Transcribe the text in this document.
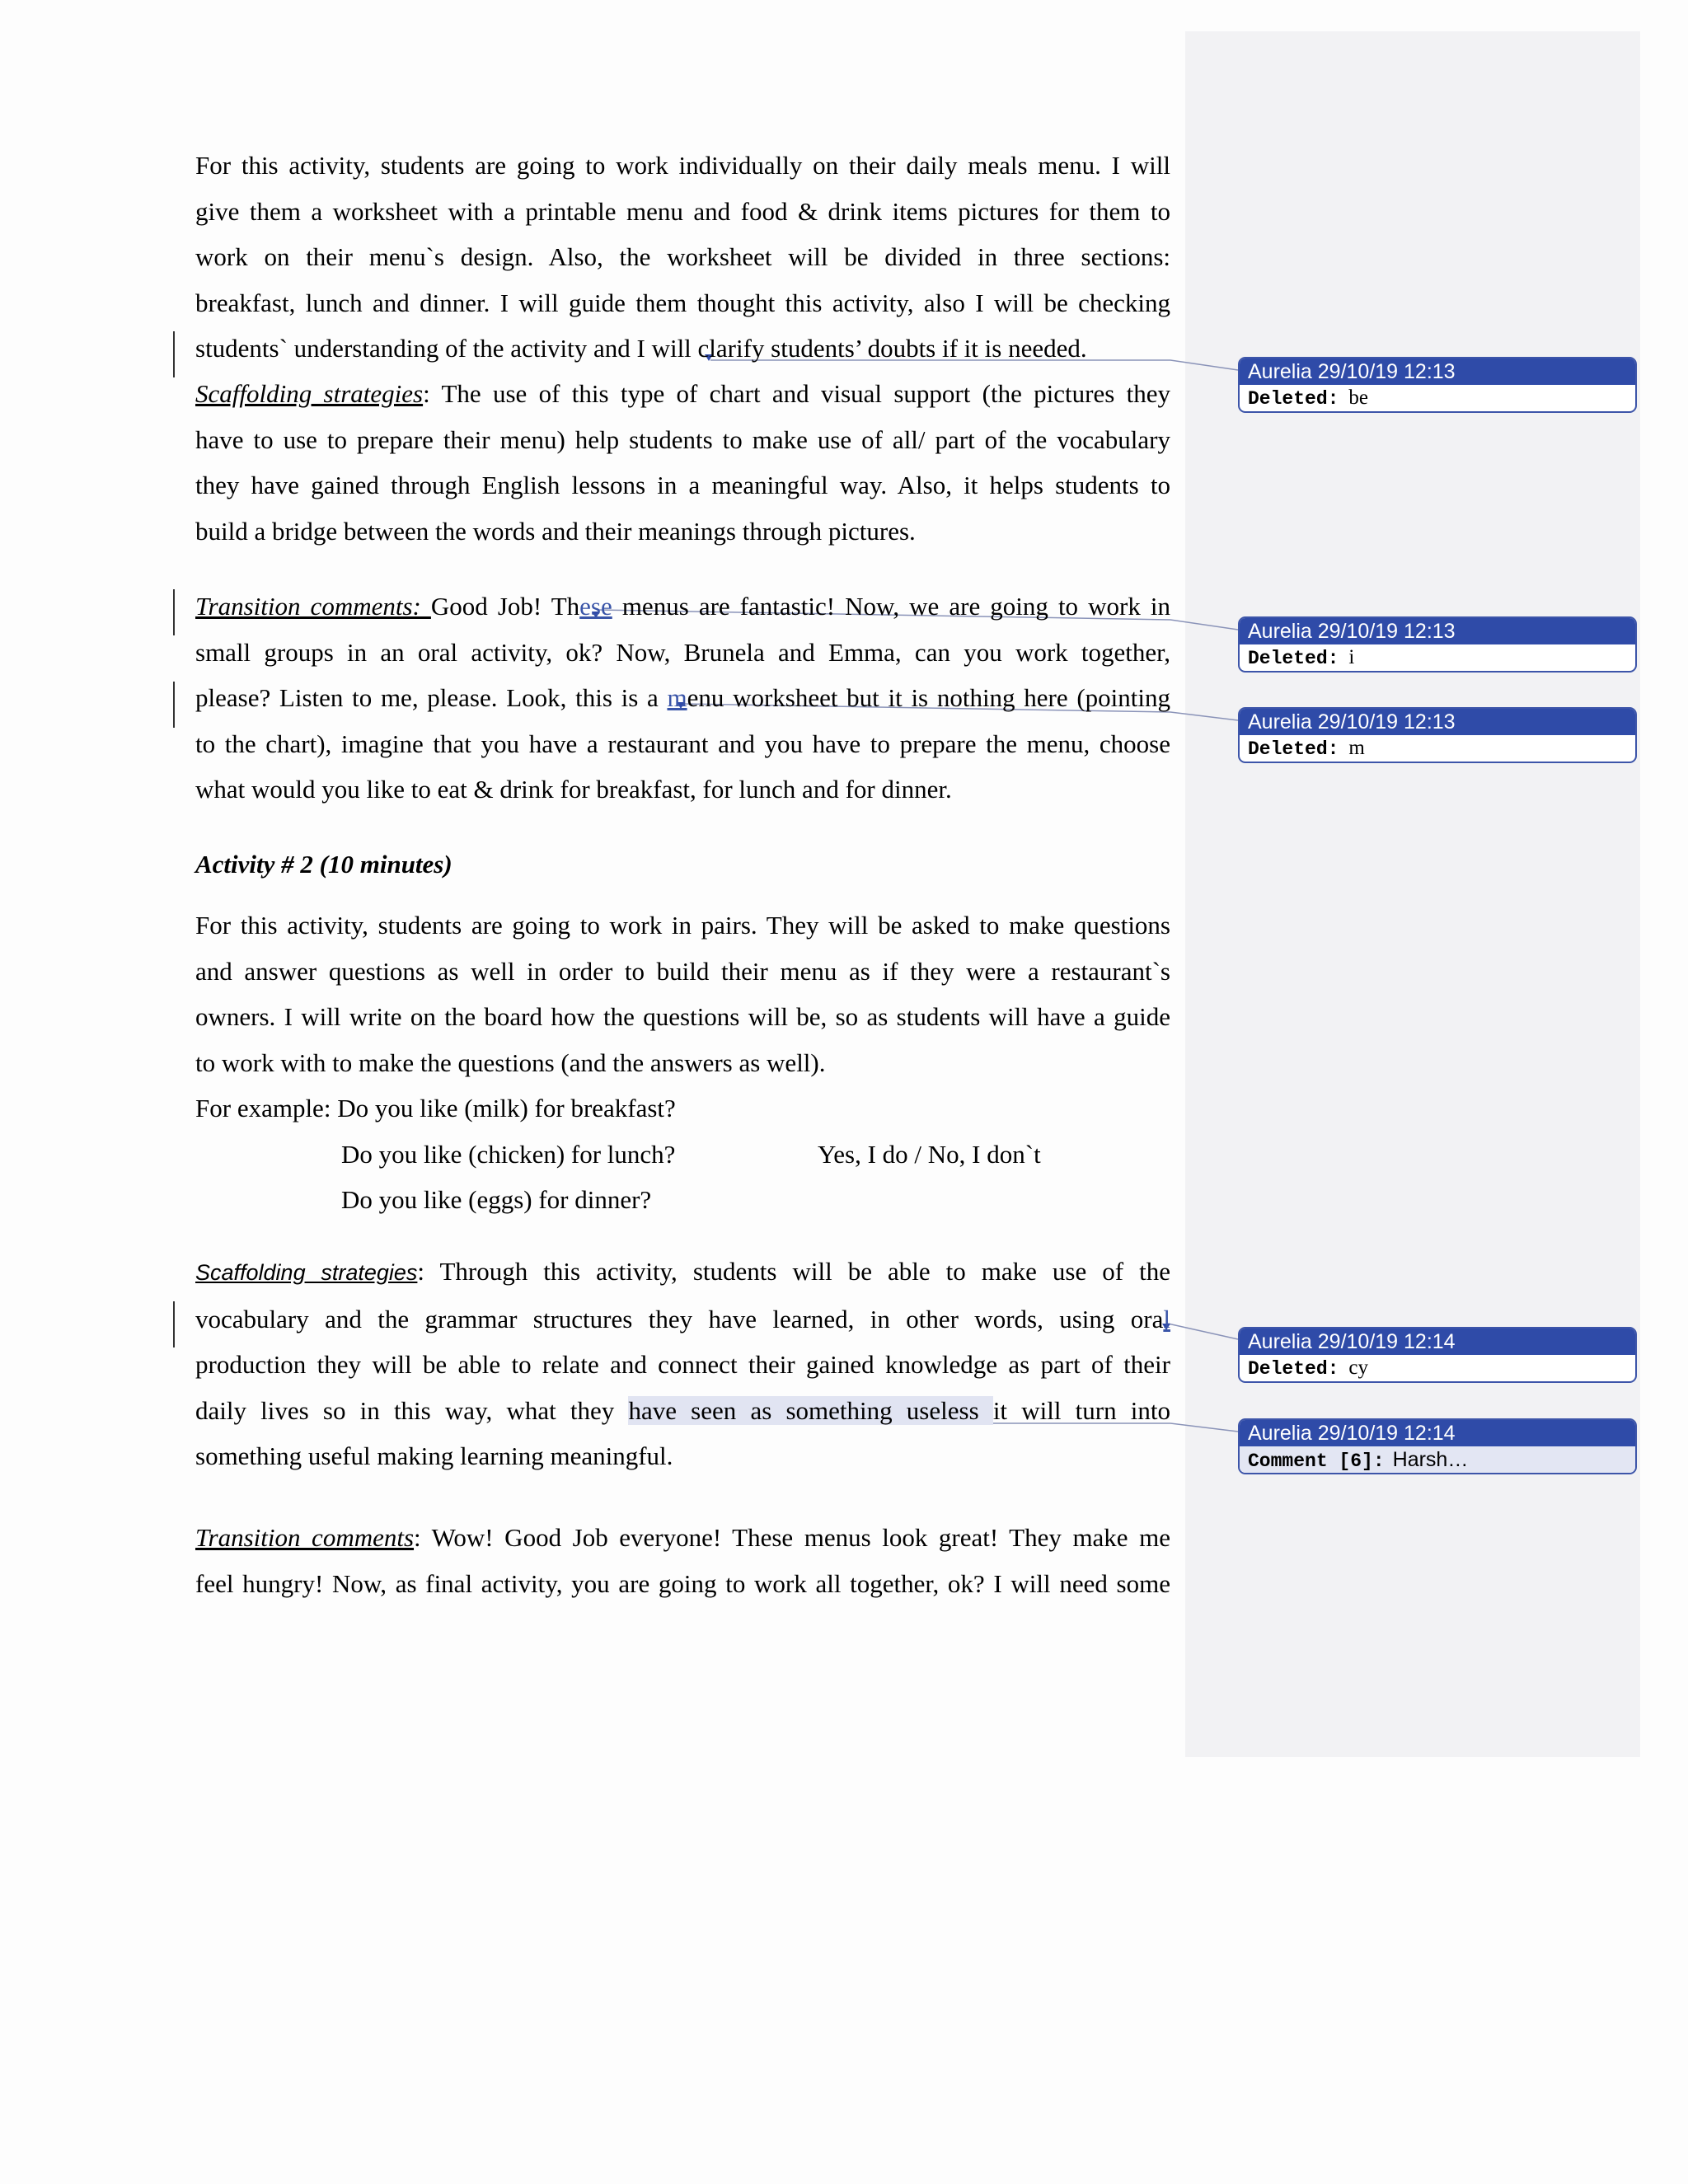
For this activity, students are going to work individually on their daily meals menu. I will
give them a worksheet with a printable menu and food & drink items pictures for them to
work on their menu`s design. Also, the worksheet will be divided in three sections:
breakfast, lunch and dinner. I will guide them thought this activity, also I will be checking
students` understanding of the activity and I will clarify students’ doubts if it is needed.
Scaffolding strategies: The use of this type of chart and visual support (the pictures they
have to use to prepare their menu) help students to make use of all/ part of the vocabulary
they have gained through English lessons in a meaningful way. Also, it helps students to
build a bridge between the words and their meanings through pictures.
Transition comments: Good Job! These menus are fantastic! Now, we are going to work in
small groups in an oral activity, ok? Now, Brunela and Emma, can you work together,
please? Listen to me, please. Look, this is a menu worksheet but it is nothing here (pointing
to the chart), imagine that you have a restaurant and you have to prepare the menu, choose
what would you like to eat & drink for breakfast, for lunch and for dinner.
Activity # 2 (10 minutes)
For this activity, students are going to work in pairs. They will be asked to make questions
and answer questions as well in order to build their menu as if they were a restaurant`s
owners. I will write on the board how the questions will be, so as students will have a guide
to work with to make the questions (and the answers as well).
For example: Do you like (milk) for breakfast?
Do you like (chicken) for lunch?	Yes, I do / No, I don`t
Do you like (eggs) for dinner?
Scaffolding strategies: Through this activity, students will be able to make use of the
vocabulary and the grammar structures they have learned, in other words, using oral
production they will be able to relate and connect their gained knowledge as part of their
daily lives so in this way, what they have seen as something useless it will turn into
something useful making learning meaningful.
Transition comments: Wow! Good Job everyone! These menus look great! They make me
feel hungry! Now, as final activity, you are going to work all together, ok? I will need some
Aurelia 29/10/19 12:13
Deleted: be
Aurelia 29/10/19 12:13
Deleted: i
Aurelia 29/10/19 12:13
Deleted: m
Aurelia 29/10/19 12:14
Deleted: cy
Aurelia 29/10/19 12:14
Comment [6]: Harsh…
